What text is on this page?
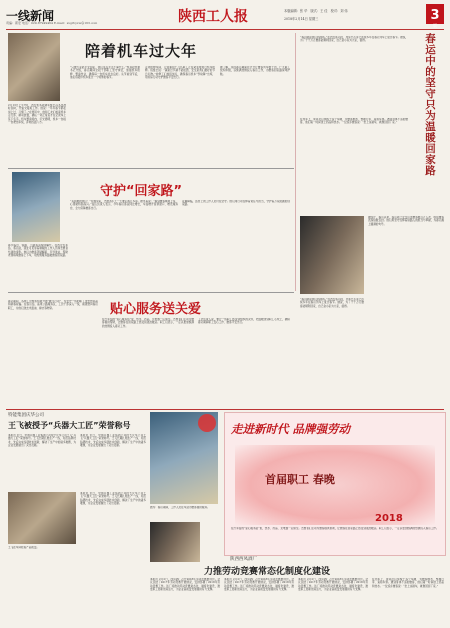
一线新闻
责编：郭宏 电话：029-87949464 E-mail：sxgrbyxw@163.com	陕西工人报	本版编辑：张 华　版式：王 佳　校对：刘 伟
2018年2月14日 星期三	3
版
陪着机车过大年
2月13日上午7时，西安机务段调车组长冯书田准时到岗，开始交接班工作。他说：“年年春节都在岗上过，习惯了。”在寒风中，他和工友们检查机车走行部、制动装置，确认一切正常后才在记录本上签下名字。机车整备场内，灯光通明，机车一台接一台驶出库线，奔向四面八方。
“只要大家能平安到家，我们这点辛苦不算什么。”机务段党委书记介绍，春运期间全段干部职工坚守岗位，加强机车检修、整备作业，确保每一台机车状态良好。从节前到节后，他们将陪伴机车度过一个特殊的春节。
走进检修车间，记者看到十几名职工正在紧张地进行机车检修。班组长说：“越是过节越不能松劲，安全是我们最好的节日礼物。”检修工们加班加点，确保春运机车“零故障”出库，用实际行动守护旅客平安出行。
据了解，该段春运期间共计开行旅客列车数千列，广大职工放弃休假，以饱满热情投入春运工作，为旅客回家路保驾护航。
守护“回家路”
春节临近，铁路、公路客流持续攀升。在西安火车站、客运站，到处可见身着制服的工作人员和志愿者忙碌的身影。他们为旅客答疑解惑、引导进站，帮助老弱病残旅客上下车，用热情服务温暖旅客回家路。
“有困难找我们！”在候车室，志愿者小王一天要走两万多步。她笑着说：“看到旅客顺利上车，心里就特别高兴。”站区负责人表示，今年春运客流同比增长，车站增开售票窗口、增设服务台，全力保障旅客出行。
夜幕降临，站台上的工作人员仍在坚守。他们用行动诠释着责任与担当，守护着万家团圆的回家路。
贴心服务送关爱
春运期间，各地工会组织积极开展“暖冬行动”，为坚守一线的职工送去慰问品和新春祝福。在客运站、高速公路服务区，工会干部深入一线，看望慰问春运职工，为他们送去米面油、棉衣等物资。
在汽车站的“爱心服务站”里，热水、药品、充电器一应俱全。志愿者们主动为旅客提供帮助，让旅客在回家路上感受到浓浓暖意。职工们表示，一定以更加饱满的热情投入春运工作。
工会负责人说，要让一线职工感受到组织的关怀，把温暖送到职工心坎上，确保春运期间职工安心工作、旅客平安出行。
春运中的坚守只为温暖回家路
“春运就是我们的战场。”在西安客运段，列车长小李已连续多年在春运列车上度过春节。她说，为了千千万万旅客能顺利回家，自己舍小家为大家，值得。
在列车上，乘务员们穿梭于各个车厢，为旅客倒水、整理行李、查验车票。遇到身体不适的旅客，他们第一时间送上药品和热水。一位返乡旅客说：“坐上这趟车，就像回到了家。”
据统计，春运以来，客运段已安全运送旅客数百万人次，收到旅客表扬信数百封。他们用坚守诠释着铁路人的担当与奉献，为春运画上圆满的句号。
“春运就是我们的战场。”在西安客运段，列车长小李已连续多年在春运列车上度过春节。她说，为了千千万万旅客能顺利回家，自己舍小家为大家，值得。
特能集团庆华公司
王飞被授予“兵器大工匠”荣誉称号
本报讯 近日，中国兵器工业集团公司授予庆华公司王飞“兵器大工匠”荣誉称号。王飞长期扎根生产一线，刻苦钻研技术，先后完成多项技术创新，解决了生产中的诸多难题，为企业发展做出了突出贡献。
本报讯 近日，中国兵器工业集团公司授予庆华公司王飞“兵器大工匠”荣誉称号。王飞长期扎根生产一线，刻苦钻研技术，先后完成多项技术创新，解决了生产中的诸多难题，为企业发展做出了突出贡献。
王飞在车间检查产品质量。
本报讯 近日，中国兵器工业集团公司授予庆华公司王飞“兵器大工匠”荣誉称号。王飞长期扎根生产一线，刻苦钻研技术，先后完成多项技术创新，解决了生产中的诸多难题，为企业发展做出了突出贡献。
图为：春运期间，工作人员在车站为旅客提供服务。
陕西西凤酒厂
力推劳动竞赛常态化制度化建设
本报讯 2月2日，西凤酒厂召开2018年劳动竞赛推进会。会议总结了2017年劳动竞赛开展情况，安排部署了2018年劳动竞赛工作。该厂将推动劳动竞赛常态化、制度化建设，激发职工创新创造活力，为企业高质量发展提供有力支撑。
本报讯 2月2日，西凤酒厂召开2018年劳动竞赛推进会。会议总结了2017年劳动竞赛开展情况，安排部署了2018年劳动竞赛工作。该厂将推动劳动竞赛常态化、制度化建设，激发职工创新创造活力，为企业高质量发展提供有力支撑。
本报讯 2月2日，西凤酒厂召开2018年劳动竞赛推进会。会议总结了2017年劳动竞赛开展情况，安排部署了2018年劳动竞赛工作。该厂将推动劳动竞赛常态化、制度化建设，激发职工创新创造活力，为企业高质量发展提供有力支撑。
在列车上，乘务员们穿梭于各个车厢，为旅客倒水、整理行李、查验车票。遇到身体不适的旅客，他们第一时间送上药品和热水。一位返乡旅客说：“坐上这趟车，就像回到了家。”
走进新时代 品牌强劳动
首届职工 春晚
2018
在汽车站的“爱心服务站”里，热水、药品、充电器一应俱全。志愿者们主动为旅客提供帮助，让旅客在回家路上感受到浓浓暖意。职工们表示，一定以更加饱满的热情投入春运工作。
